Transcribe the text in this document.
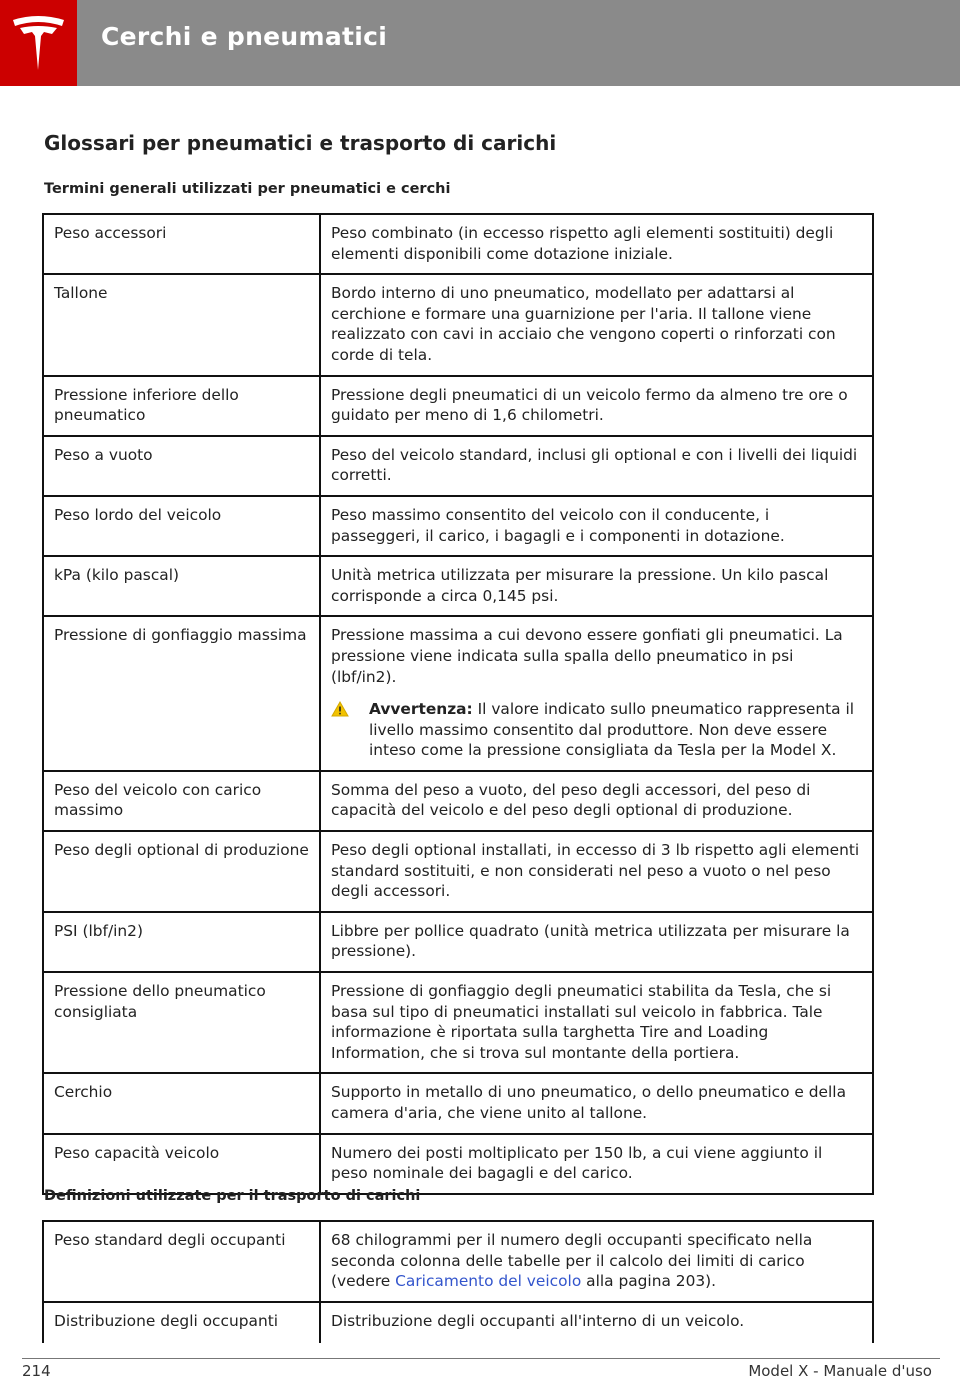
Cerchi e pneumatici
Glossari per pneumatici e trasporto di carichi
Termini generali utilizzati per pneumatici e cerchi
Peso accessori	Peso combinato (in eccesso rispetto agli elementi sostituiti) degli elementi disponibili come dotazione iniziale.
Tallone	Bordo interno di uno pneumatico, modellato per adattarsi al cerchione e formare una guarnizione per l'aria. Il tallone viene realizzato con cavi in acciaio che vengono coperti o rinforzati con corde di tela.
Pressione inferiore dello pneumatico	Pressione degli pneumatici di un veicolo fermo da almeno tre ore o guidato per meno di 1,6 chilometri.
Peso a vuoto	Peso del veicolo standard, inclusi gli optional e con i livelli dei liquidi corretti.
Peso lordo del veicolo	Peso massimo consentito del veicolo con il conducente, i passeggeri, il carico, i bagagli e i componenti in dotazione.
kPa (kilo pascal)	Unità metrica utilizzata per misurare la pressione. Un kilo pascal corrisponde a circa 0,145 psi.
Pressione di gonfiaggio massima	Pressione massima a cui devono essere gonfiati gli pneumatici. La pressione viene indicata sulla spalla dello pneumatico in psi (lbf/in2).
Avvertenza: Il valore indicato sullo pneumatico rappresenta il livello massimo consentito dal produttore. Non deve essere inteso come la pressione consigliata da Tesla per la Model X.

Peso del veicolo con carico massimo	Somma del peso a vuoto, del peso degli accessori, del peso di capacità del veicolo e del peso degli optional di produzione.
Peso degli optional di produzione	Peso degli optional installati, in eccesso di 3 lb rispetto agli elementi standard sostituiti, e non considerati nel peso a vuoto o nel peso degli accessori.
PSI (lbf/in2)	Libbre per pollice quadrato (unità metrica utilizzata per misurare la pressione).
Pressione dello pneumatico consigliata	Pressione di gonfiaggio degli pneumatici stabilita da Tesla, che si basa sul tipo di pneumatici installati sul veicolo in fabbrica. Tale informazione è riportata sulla targhetta Tire and Loading Information, che si trova sul montante della portiera.
Cerchio	Supporto in metallo di uno pneumatico, o dello pneumatico e della camera d'aria, che viene unito al tallone.
Peso capacità veicolo	Numero dei posti moltiplicato per 150 lb, a cui viene aggiunto il peso nominale dei bagagli e del carico.
Definizioni utilizzate per il trasporto di carichi
Peso standard degli occupanti	68 chilogrammi per il numero degli occupanti specificato nella seconda colonna delle tabelle per il calcolo dei limiti di carico (vedere Caricamento del veicolo alla pagina 203).
Distribuzione degli occupanti	Distribuzione degli occupanti all'interno di un veicolo.
214	Model X - Manuale d'uso
